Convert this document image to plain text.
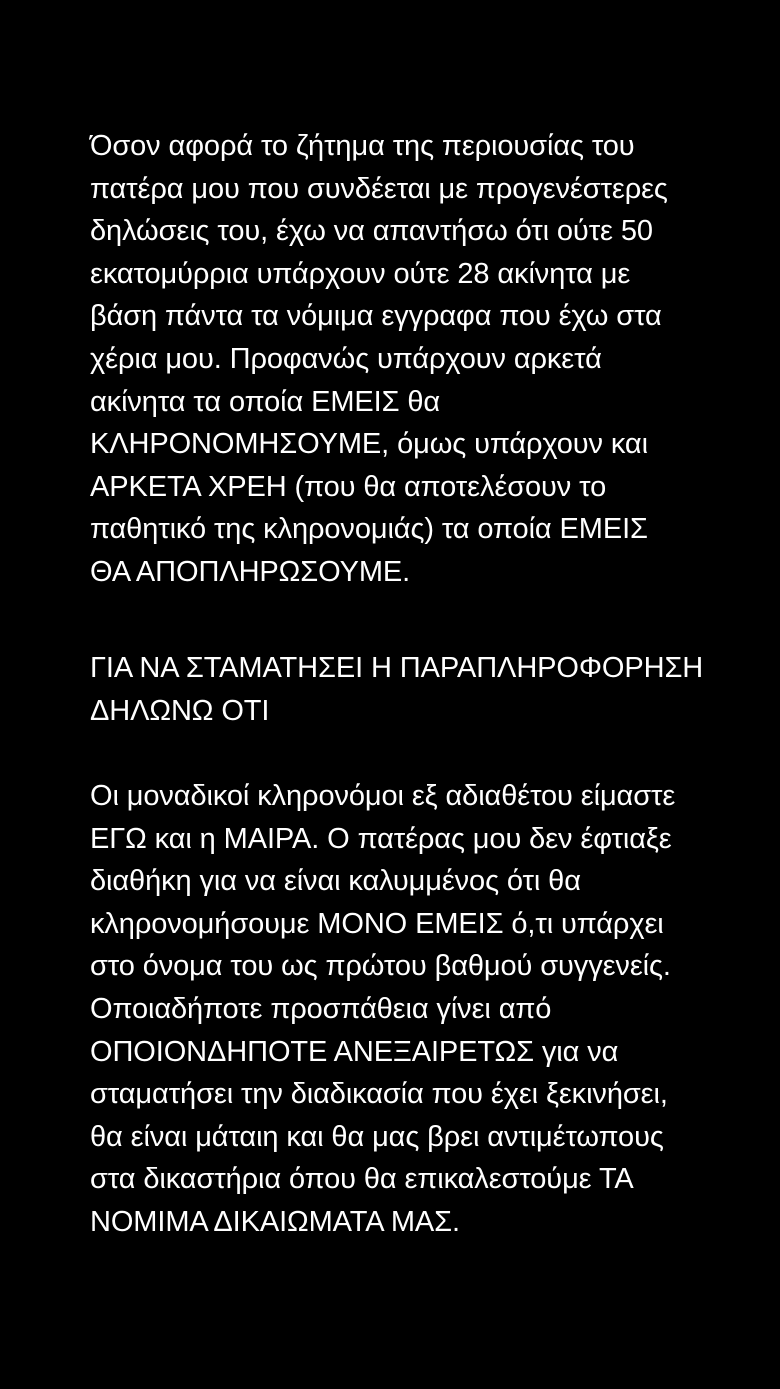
Όσον αφορά το ζήτημα της περιουσίας του
πατέρα μου που συνδέεται με προγενέστερες
δηλώσεις του, έχω να απαντήσω ότι ούτε 50
εκατομύρρια υπάρχουν ούτε 28 ακίνητα με
βάση πάντα τα νόμιμα εγγραφα που έχω στα
χέρια μου. Προφανώς υπάρχουν αρκετά
ακίνητα τα οποία ΕΜΕΙΣ θα
ΚΛΗΡΟΝΟΜΗΣΟΥΜΕ, όμως υπάρχουν και
ΑΡΚΕΤΑ ΧΡΕΗ (που θα αποτελέσουν το
παθητικό της κληρονομιάς) τα οποία ΕΜΕΙΣ
ΘΑ ΑΠΟΠΛΗΡΩΣΟΥΜΕ.

ΓΙΑ ΝΑ ΣΤΑΜΑΤΗΣΕΙ Η ΠΑΡΑΠΛΗΡΟΦΟΡΗΣΗ
ΔΗΛΩΝΩ ΟΤΙ

Οι μοναδικοί κληρονόμοι εξ αδιαθέτου είμαστε
ΕΓΩ και η ΜΑΙΡΑ. Ο πατέρας μου δεν έφτιαξε
διαθήκη για να είναι καλυμμένος ότι θα
κληρονομήσουμε ΜΟΝΟ ΕΜΕΙΣ ό,τι υπάρχει
στο όνομα του ως πρώτου βαθμού συγγενείς.
Οποιαδήποτε προσπάθεια γίνει από
ΟΠΟΙΟΝΔΗΠΟΤΕ ΑΝΕΞΑΙΡΕΤΩΣ για να
σταματήσει την διαδικασία που έχει ξεκινήσει,
θα είναι μάταιη και θα μας βρει αντιμέτωπους
στα δικαστήρια όπου θα επικαλεστούμε ΤΑ
ΝΟΜΙΜΑ ΔΙΚΑΙΩΜΑΤΑ ΜΑΣ.
